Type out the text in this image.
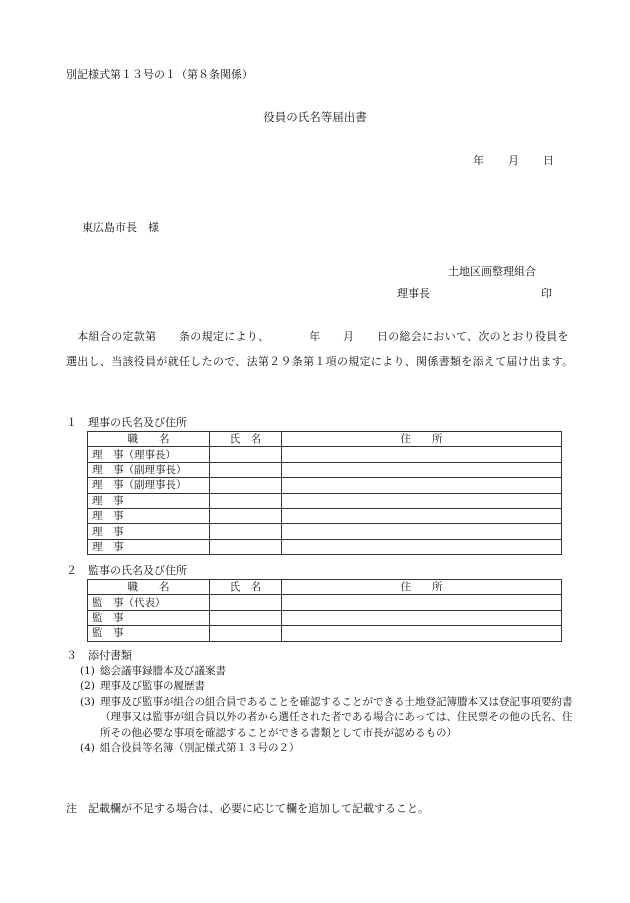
別記様式第１３号の１（第８条関係）
役員の氏名等届出書
年 月 日
東広島市長　様
土地区画整理組合
理事長	印
　本組合の定款第　　条の規定により、　　　　年　　月　　日の総会において、次のとおり役員を選出し、当該役員が就任したので、法第２９条第１項の規定により、関係書類を添えて届け出ます。
１　理事の氏名及び住所
職　　名	氏　名	住　　所
理　事（理事長）		
理　事（副理事長）		
理　事（副理事長）		
理　事		
理　事		
理　事		
理　事		
２　監事の氏名及び住所
職　　名	氏　名	住　　所
監　事（代表）		
監　事		
監　事		
３　添付書類
(1) 総会議事録謄本及び議案書
(2) 理事及び監事の履歴書
(3) 理事及び監事が組合の組合員であることを確認することができる土地登記簿謄本又は登記事項要約書（理事又は監事が組合員以外の者から選任された者である場合にあっては、住民票その他の氏名、住所その他必要な事項を確認することができる書類として市長が認めるもの）
(4) 組合役員等名簿（別記様式第１３号の２）
注　記載欄が不足する場合は、必要に応じて欄を追加して記載すること。
